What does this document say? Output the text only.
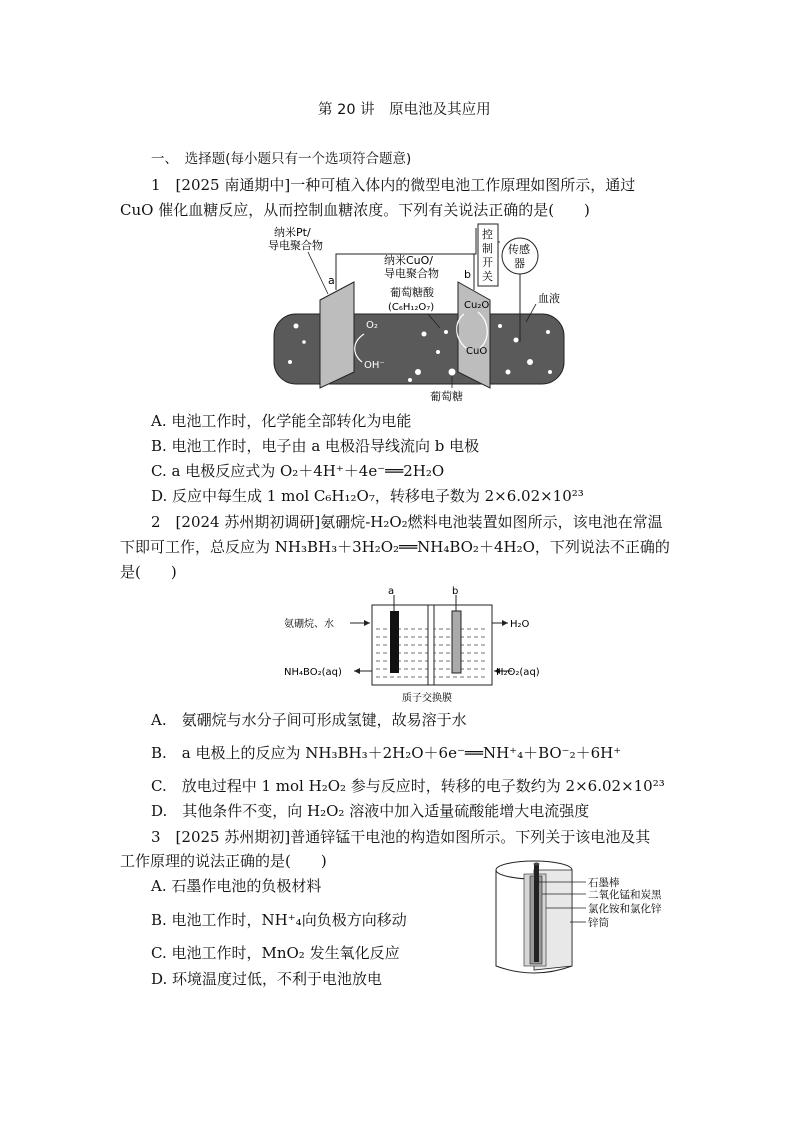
第 20 讲　原电池及其应用
一、　选择题(每小题只有一个选项符合题意)
1　[2025 南通期中]一种可植入体内的微型电池工作原理如图所示，通过
CuO 催化血糖反应，从而控制血糖浓度。下列有关说法正确的是(　　)
控
制
开
关
传感
器
纳米Pt/
导电聚合物
a	b
纳米CuO/
导电聚合物
葡萄糖酸
(C₆H₁₂O₇)	Cu₂O
CuO
O₂
OH⁻
血液
葡萄糖
A. 电池工作时，化学能全部转化为电能
B. 电池工作时，电子由 a 电极沿导线流向 b 电极
C. a 电极反应式为 O₂＋4H⁺＋4e⁻══2H₂O
D. 反应中每生成 1 mol C₆H₁₂O₇，转移电子数为 2×6.02×10²³
2　[2024 苏州期初调研]氨硼烷-H₂O₂燃料电池装置如图所示，该电池在常温
下即可工作，总反应为 NH₃BH₃＋3H₂O₂══NH₄BO₂＋4H₂O，下列说法不正确的
是(　　)
a	b
氨硼烷、水
NH₄BO₂(aq)
H₂O
H₂O₂(aq)
质子交换膜
A.　氨硼烷与水分子间可形成氢键，故易溶于水
B.　a 电极上的反应为 NH₃BH₃＋2H₂O＋6e⁻══NH⁺₄＋BO⁻₂＋6H⁺
C.　放电过程中 1 mol H₂O₂ 参与反应时，转移的电子数约为 2×6.02×10²³
D.　其他条件不变，向 H₂O₂ 溶液中加入适量硫酸能增大电流强度
3　[2025 苏州期初]普通锌锰干电池的构造如图所示。下列关于该电池及其
工作原理的说法正确的是(　　)
A. 石墨作电池的负极材料
B. 电池工作时，NH⁺₄向负极方向移动
C. 电池工作时，MnO₂ 发生氧化反应
D. 环境温度过低，不利于电池放电
石墨棒
二氧化锰和炭黑
氯化铵和氯化锌
锌筒
